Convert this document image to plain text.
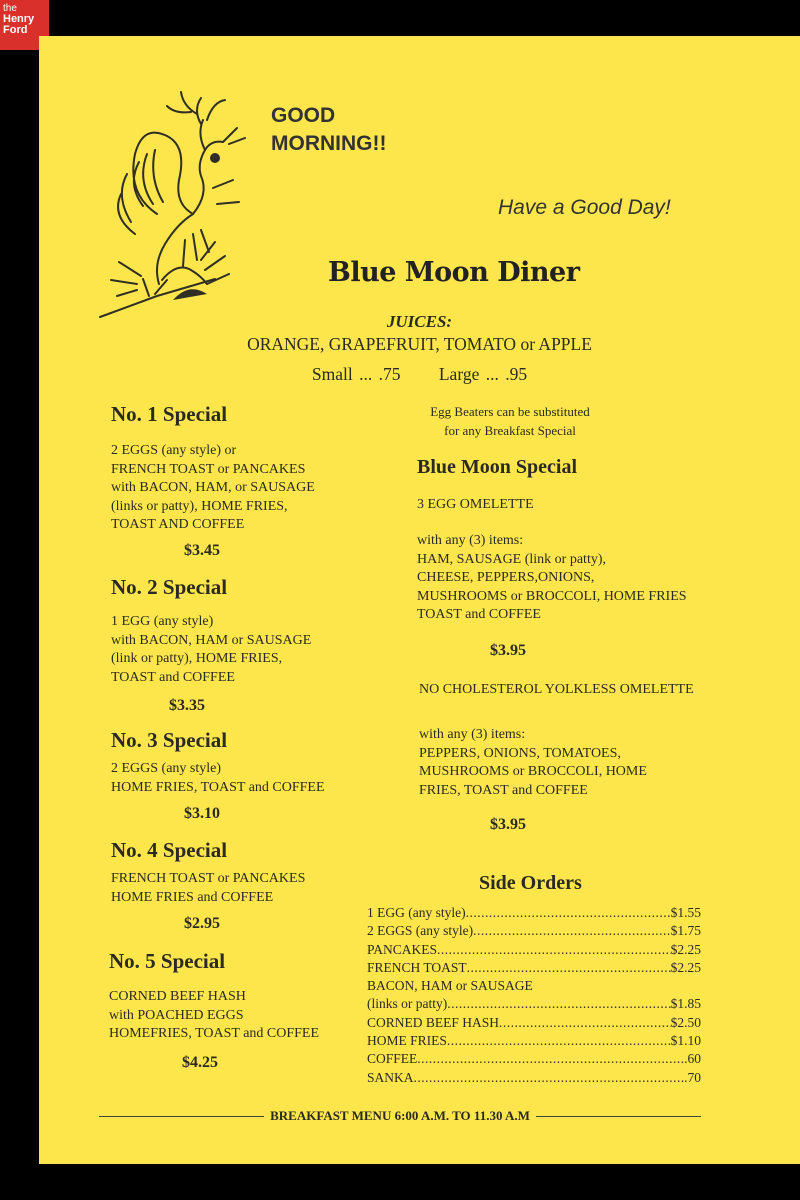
the
Henry
Ford
GOOD
MORNING!!
Have a Good Day!
Blue Moon Diner
JUICES:
ORANGE, GRAPEFRUIT, TOMATO or APPLE
Small ... .75 Large ... .95
No. 1 Special
2 EGGS (any style) or
FRENCH TOAST or PANCAKES
with BACON, HAM, or SAUSAGE
(links or patty), HOME FRIES,
TOAST AND COFFEE
$3.45
No. 2 Special
1 EGG (any style)
with BACON, HAM or SAUSAGE
(link or patty), HOME FRIES,
TOAST and COFFEE
$3.35
No. 3 Special
2 EGGS (any style)
HOME FRIES, TOAST and COFFEE
$3.10
No. 4 Special
FRENCH TOAST or PANCAKES
HOME FRIES and COFFEE
$2.95
No. 5 Special
CORNED BEEF HASH
with POACHED EGGS
HOMEFRIES, TOAST and COFFEE
$4.25
Egg Beaters can be substituted
for any Breakfast Special
Blue Moon Special
3 EGG OMELETTE
with any (3) items:
HAM, SAUSAGE (link or patty),
CHEESE, PEPPERS,ONIONS,
MUSHROOMS or BROCCOLI, HOME FRIES
TOAST and COFFEE
$3.95
NO CHOLESTEROL YOLKLESS OMELETTE
with any (3) items:
PEPPERS, ONIONS, TOMATOES,
MUSHROOMS or BROCCOLI, HOME
FRIES, TOAST and COFFEE
$3.95
Side Orders
1 EGG (any style) .....	$1.55
2 EGGS (any style) .....	$1.75
PANCAKES .....	$2.25
FRENCH TOAST .....	$2.25
BACON, HAM or SAUSAGE
(links or patty) .....	$1.85
CORNED BEEF HASH .....	$2.50
HOME FRIES .....	$1.10
COFFEE .....	.60
SANKA .....	.70
BREAKFAST MENU 6:00 A.M. TO 11.30 A.M
